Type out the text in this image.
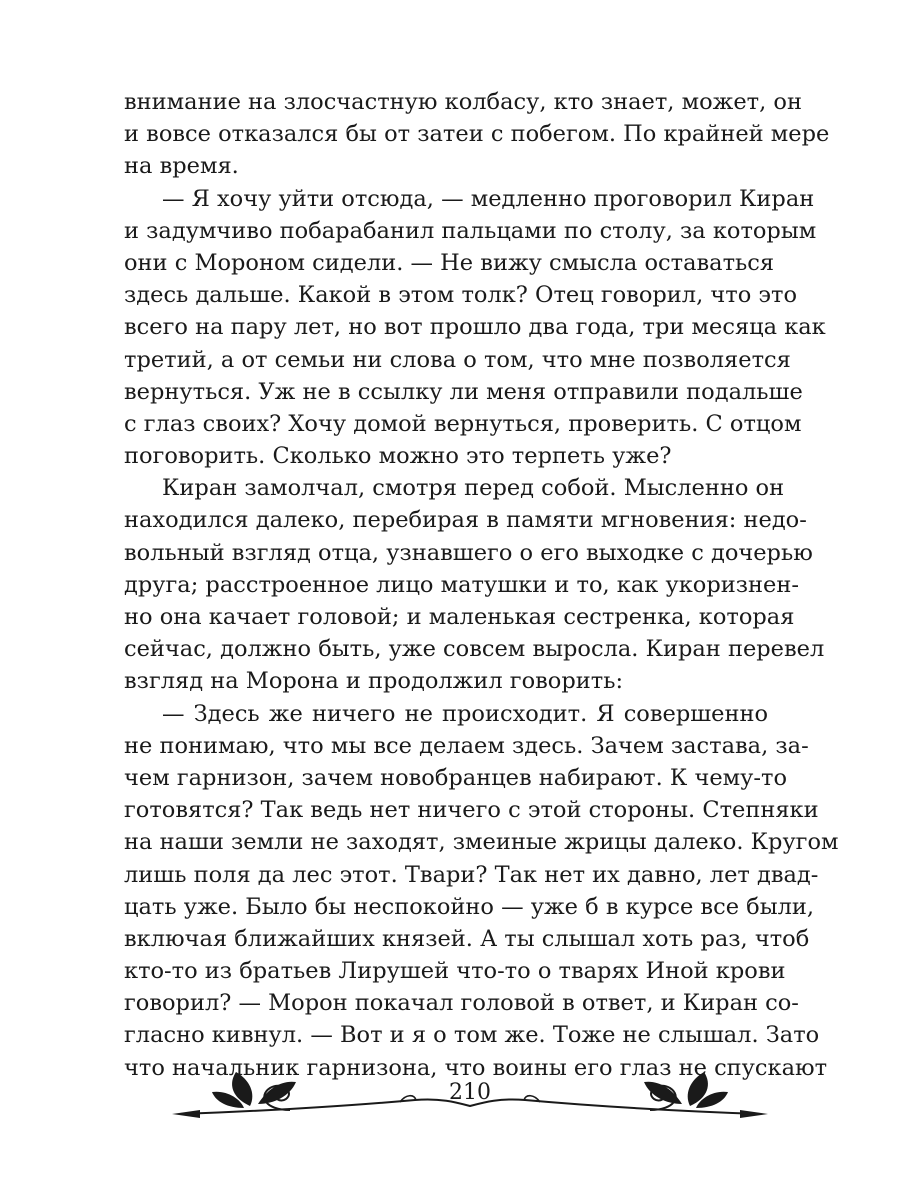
внимание на злосчастную колбасу, кто знает, может, он
и вовсе отказался бы от затеи с побегом. По крайней мере
на время.
— Я хочу уйти отсюда, — медленно проговорил Киран
и задумчиво побарабанил пальцами по столу, за которым
они с Мороном сидели. — Не вижу смысла оставаться
здесь дальше. Какой в этом толк? Отец говорил, что это
всего на пару лет, но вот прошло два года, три месяца как
третий, а от семьи ни слова о том, что мне позволяется
вернуться. Уж не в ссылку ли меня отправили подальше
с глаз своих? Хочу домой вернуться, проверить. С отцом
поговорить. Сколько можно это терпеть уже?
Киран замолчал, смотря перед собой. Мысленно он
находился далеко, перебирая в памяти мгновения: недо-
вольный взгляд отца, узнавшего о его выходке с дочерью
друга; расстроенное лицо матушки и то, как укоризнен-
но она качает головой; и маленькая сестренка, которая
сейчас, должно быть, уже совсем выросла. Киран перевел
взгляд на Морона и продолжил говорить:
— Здесь же ничего не происходит. Я совершенно
не понимаю, что мы все делаем здесь. Зачем застава, за-
чем гарнизон, зачем новобранцев набирают. К чему-то
готовятся? Так ведь нет ничего с этой стороны. Степняки
на наши земли не заходят, змеиные жрицы далеко. Кругом
лишь поля да лес этот. Твари? Так нет их давно, лет двад-
цать уже. Было бы неспокойно — уже б в курсе все были,
включая ближайших князей. А ты слышал хоть раз, чтоб
кто-то из братьев Лирушей что-то о тварях Иной крови
говорил? — Морон покачал головой в ответ, и Киран со-
гласно кивнул. — Вот и я о том же. Тоже не слышал. Зато
что начальник гарнизона, что воины его глаз не спускают
210
